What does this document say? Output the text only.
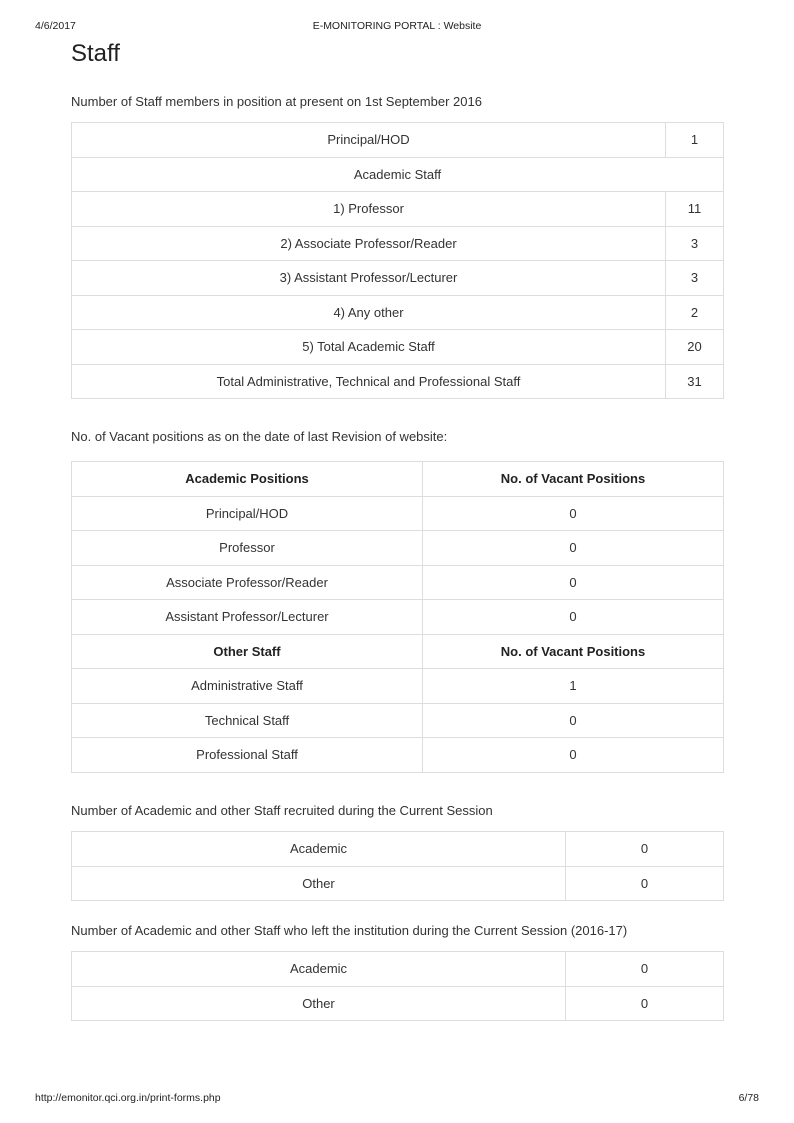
4/6/2017	E-MONITORING PORTAL : Website
Staff
Number of Staff members in position at present on 1st September 2016
Principal/HOD	1
Academic Staff	
1) Professor	11
2) Associate Professor/Reader	3
3) Assistant Professor/Lecturer	3
4) Any other	2
5) Total Academic Staff	20
Total Administrative, Technical and Professional Staff	31
No. of Vacant positions as on the date of last Revision of website:
Academic Positions	No. of Vacant Positions
Principal/HOD	0
Professor	0
Associate Professor/Reader	0
Assistant Professor/Lecturer	0
Other Staff	No. of Vacant Positions
Administrative Staff	1
Technical Staff	0
Professional Staff	0
Number of Academic and other Staff recruited during the Current Session
Academic	0
Other	0
Number of Academic and other Staff who left the institution during the Current Session (2016-17)
Academic	0
Other	0
http://emonitor.qci.org.in/print-forms.php	6/78
